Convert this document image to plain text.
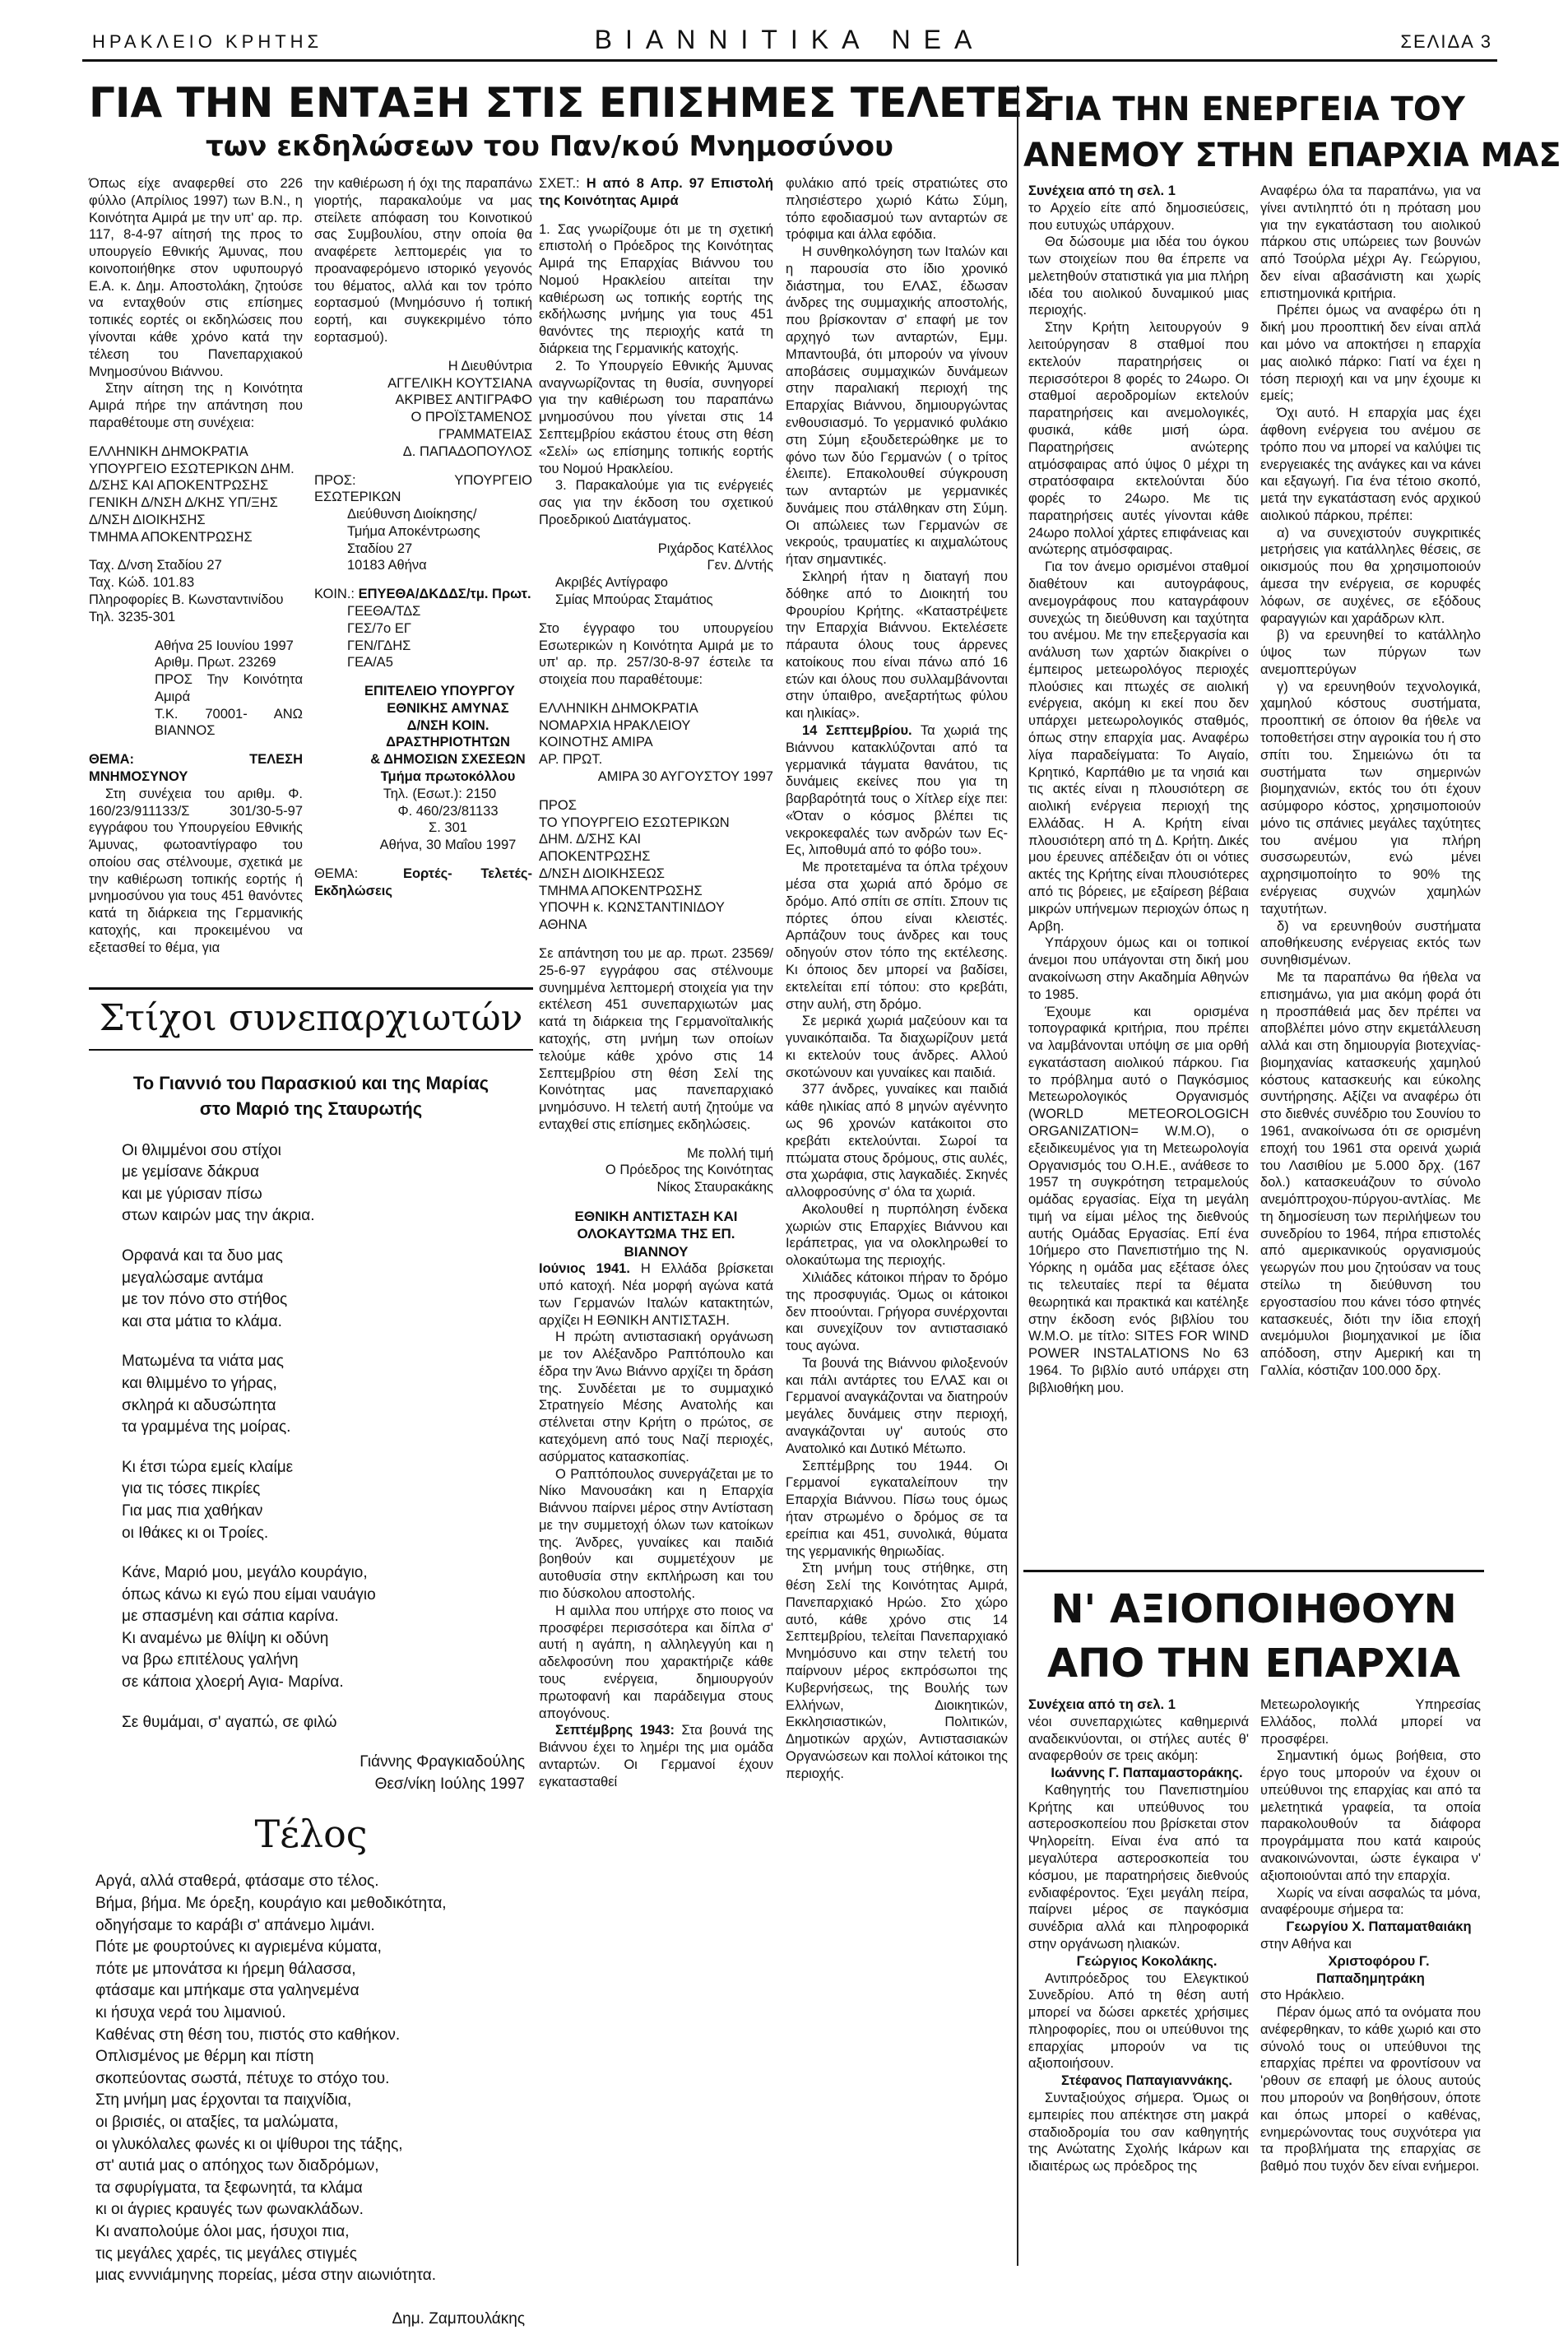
ΗΡΑΚΛΕΙΟ ΚΡΗΤΗΣ	ΒΙΑΝΝΙΤΙΚΑ ΝΕΑ	ΣΕΛΙΔΑ 3
ΓΙΑ ΤΗΝ ΕΝΤΑΞΗ ΣΤΙΣ ΕΠΙΣΗΜΕΣ ΤΕΛΕΤΕΣ
των εκδηλώσεων του Παν/κού Μνημοσύνου

Όπως είχε αναφερθεί στο 226 φύλλο (Απρίλιος 1997) των Β.Ν., η Κοινότητα Αμιρά με την υπ' αρ. πρ. 117, 8-4-97 αίτησή της προς το υπουργείο Εθνικής Άμυνας, που κοινοποιήθηκε στον υφυπουργό Ε.Α. κ. Δημ. Αποστολάκη, ζητούσε να ενταχθούν στις επίσημες τοπικές εορτές οι εκδηλώσεις που γίνονται κάθε χρόνο κατά την τέλεση του Πανεπαρχιακού Μνημοσύνου Βιάννου.

Στην αίτηση της η Κοινότητα Αμιρά πήρε την απάντηση που παραθέτουμε στη συνέχεια:

ΕΛΛΗΝΙΚΗ ΔΗΜΟΚΡΑΤΙΑ

ΥΠΟΥΡΓΕΙΟ ΕΣΩΤΕΡΙΚΩΝ ΔΗΜ.

Δ/ΣΗΣ ΚΑΙ ΑΠΟΚΕΝΤΡΩΣΗΣ

ΓΕΝΙΚΗ Δ/ΝΣΗ Δ/ΚΗΣ ΥΠ/ΞΗΣ

Δ/ΝΣΗ ΔΙΟΙΚΗΣΗΣ

ΤΜΗΜΑ ΑΠΟΚΕΝΤΡΩΣΗΣ

Ταχ. Δ/νση Σταδίου 27

Ταχ. Κώδ. 101.83

Πληροφορίες Β. Κωνσταντινίδου

Τηλ. 3235-301

Αθήνα 25 Ιουνίου 1997

Αριθμ. Πρωτ. 23269

ΠΡΟΣ Την Κοινότητα Αμιρά

Τ.Κ. 70001- ΑΝΩ ΒΙΑΝΝΟΣ

ΘΕΜΑ:	ΤΕΛΕΣΗ ΜΝΗΜΟΣΥΝΟΥ

Στη συνέχεια του αριθμ. Φ. 160/23/911133/Σ 301/30-5-97 εγγράφου του Υπουργείου Εθνικής Άμυνας, φωτοαντίγραφο του οποίου σας στέλνουμε, σχετικά με την καθιέρωση τοπικής εορτής ή μνημοσύνου για τους 451 θανόντες κατά τη διάρκεια της Γερμανικής κατοχής, και προκειμένου να εξετασθεί το θέμα, για

την καθιέρωση ή όχι της παραπάνω γιορτής, παρακαλούμε να μας στείλετε απόφαση του Κοινοτικού σας Συμβουλίου, στην οποία θα αναφέρετε λεπτομερέις για το προαναφερόμενο ιστορικό γεγονός του θέματος, αλλά και τον τρόπο εορτασμού (Μνημόσυνο ή τοπική εορτή, και συγκεκριμένο τόπο εορτασμού).

Η Διευθύντρια

ΑΓΓΕΛΙΚΗ ΚΟΥΤΣΙΑΝΑ

ΑΚΡΙΒΕΣ ΑΝΤΙΓΡΑΦΟ

Ο ΠΡΟΪΣΤΑΜΕΝΟΣ

ΓΡΑΜΜΑΤΕΙΑΣ

Δ. ΠΑΠΑΔΟΠΟΥΛΟΣ

ΠΡΟΣ:	ΥΠΟΥΡΓΕΙΟ ΕΣΩΤΕΡΙΚΩΝ

Διεύθυνση Διοίκησης/

Τμήμα Αποκέντρωσης

Σταδίου 27

10183 Αθήνα

ΚΟΙΝ.: ΕΠΥΕΘΑ/ΔΚΔΔΣ/τμ. Πρωτ.

ΓΕΕΘΑ/ΤΔΣ

ΓΕΣ/7ο ΕΓ

ΓΕΝ/ΓΔΗΣ

ΓΕΑ/Α5

ΕΠΙΤΕΛΕΙΟ ΥΠΟΥΡΓΟΥ

ΕΘΝΙΚΗΣ ΑΜΥΝΑΣ

Δ/ΝΣΗ ΚΟΙΝ.

ΔΡΑΣΤΗΡΙΟΤΗΤΩΝ

& ΔΗΜΟΣΙΩΝ ΣΧΕΣΕΩΝ

Τμήμα πρωτοκόλλου

Τηλ. (Εσωτ.): 2150

Φ. 460/23/81133

Σ. 301

Αθήνα, 30 Μαΐου 1997

ΘΕΜΑ:	Εορτές- Τελετές- Εκδηλώσεις

ΣΧΕΤ.: Η από 8 Απρ. 97 Επιστολή της Κοινότητας Αμιρά

1. Σας γνωρίζουμε ότι με τη σχετική επιστολή ο Πρόεδρος της Κοινότητας Αμιρά της Επαρχίας Βιάννου του Νομού Ηρακλείου αιτείται την καθιέρωση ως τοπικής εορτής της εκδήλωσης μνήμης για τους 451 θανόντες της περιοχής κατά τη διάρκεια της Γερμανικής κατοχής.

2. Το Υπουργείο Εθνικής Άμυνας αναγνωρίζοντας τη θυσία, συνηγορεί για την καθιέρωση του παραπάνω μνημοσύνου που γίνεται στις 14 Σεπτεμβρίου εκάστου έτους στη θέση «Σελί» ως επίσημης τοπικής εορτής του Νομού Ηρακλείου.

3. Παρακαλούμε για τις ενέργειές σας για την έκδοση του σχετικού Προεδρικού Διατάγματος.

Ριχάρδος Κατέλλος

Γεν. Δ/ντής

Ακριβές Αντίγραφο

Σμίας Μπούρας Σταμάτιος

Στο έγγραφο του υπουργείου Εσωτερικών η Κοινότητα Αμιρά με το υπ' αρ. πρ. 257/30-8-97 έστειλε τα στοιχεία που παραθέτουμε:

ΕΛΛΗΝΙΚΗ ΔΗΜΟΚΡΑΤΙΑ

ΝΟΜΑΡΧΙΑ ΗΡΑΚΛΕΙΟΥ

ΚΟΙΝΟΤΗΣ ΑΜΙΡΑ

ΑΡ. ΠΡΩΤ.

ΑΜΙΡΑ 30 ΑΥΓΟΥΣΤΟΥ 1997

ΠΡΟΣ

ΤΟ ΥΠΟΥΡΓΕΙΟ ΕΣΩΤΕΡΙΚΩΝ

ΔΗΜ. Δ/ΣΗΣ ΚΑΙ

ΑΠΟΚΕΝΤΡΩΣΗΣ

Δ/ΝΣΗ ΔΙΟΙΚΗΣΕΩΣ

ΤΜΗΜΑ ΑΠΟΚΕΝΤΡΩΣΗΣ

ΥΠΟΨΗ κ. ΚΩΝΣΤΑΝΤΙΝΙΔΟΥ

ΑΘΗΝΑ

Σε απάντηση του με αρ. πρωτ. 23569/ 25-6-97 εγγράφου σας στέλνουμε συνημμένα λεπτομερή στοιχεία για την εκτέλεση 451 συνεπαρχιωτών μας κατά τη διάρκεια της Γερμανοϊταλικής κατοχής, στη μνήμη των οποίων τελούμε κάθε χρόνο στις 14 Σεπτεμβρίου στη θέση Σελί της Κοινότητας μας πανεπαρχιακό μνημόσυνο. Η τελετή αυτή ζητούμε να ενταχθεί στις επίσημες εκδηλώσεις.

Με πολλή τιμή

Ο Πρόεδρος της Κοινότητας

Νίκος Σταυρακάκης

ΕΘΝΙΚΗ ΑΝΤΙΣΤΑΣΗ ΚΑΙ ΟΛΟΚΑΥΤΩΜΑ ΤΗΣ ΕΠ. ΒΙΑΝΝΟΥ

Ιούνιος 1941. Η Ελλάδα βρίσκεται υπό κατοχή. Νέα μορφή αγώνα κατά των Γερμανών Ιταλών κατακτητών, αρχίζει Η ΕΘΝΙΚΗ ΑΝΤΙΣΤΑΣΗ.

Η πρώτη αντιστασιακή οργάνωση με τον Αλέξανδρο Ραπτόπουλο και έδρα την Άνω Βιάννο αρχίζει τη δράση της. Συνδέεται με το συμμαχικό Στρατηγείο Μέσης Ανατολής και στέλνεται στην Κρήτη ο πρώτος, σε κατεχόμενη από τους Ναζί περιοχές, ασύρματος κατασκοπίας.

Ο Ραπτόπουλος συνεργάζεται με το Νίκο Μανουσάκη και η Επαρχία Βιάννου παίρνει μέρος στην Αντίσταση με την συμμετοχή όλων των κατοίκων της. Άνδρες, γυναίκες και παιδιά βοηθούν και συμμετέχουν με αυτοθυσία στην εκπλήρωση και του πιο δύσκολου αποστολής.

Η αμιλλα που υπήρχε στο ποιος να προσφέρει περισσότερα και δίπλα σ' αυτή η αγάπη, η αλληλεγγύη και η αδελφοσύνη που χαρακτήριζε κάθε τους ενέργεια, δημιουργούν πρωτοφανή και παράδειγμα στους απογόνους.

Σεπτέμβρης 1943: Στα βουνά της Βιάννου έχει το λημέρι της μια ομάδα ανταρτών. Οι Γερμανοί έχουν εγκατασταθεί

φυλάκιο από τρείς στρατιώτες στο πλησιέστερο χωριό Κάτω Σύμη, τόπο εφοδιασμού των ανταρτών σε τρόφιμα και άλλα εφόδια.

Η συνθηκολόγηση των Ιταλών και η παρουσία στο ίδιο χρονικό διάστημα, του ΕΛΑΣ, έδωσαν άνδρες της συμμαχικής αποστολής, που βρίσκονταν σ' επαφή με τον αρχηγό των ανταρτών, Εμμ. Μπαντουβά, ότι μπορούν να γίνουν αποβάσεις συμμαχικών δυνάμεων στην παραλιακή περιοχή της Επαρχίας Βιάννου, δημιουργώντας ενθουσιασμό. Το γερμανικό φυλάκιο στη Σύμη εξουδετερώθηκε με το φόνο των δύο Γερμανών ( ο τρίτος έλειπε). Επακολουθεί σύγκρουση των ανταρτών με γερμανικές δυνάμεις που στάλθηκαν στη Σύμη. Οι απώλειες των Γερμανών σε νεκρούς, τραυματίες κι αιχμαλώτους ήταν σημαντικές.

Σκληρή ήταν η διαταγή που δόθηκε από το Διοικητή του Φρουρίου Κρήτης. «Καταστρέψετε την Επαρχία Βιάννου. Εκτελέσετε πάραυτα όλους τους άρρενες κατοίκους που είναι πάνω από 16 ετών και όλους που συλλαμβάνονται στην ύπαιθρο, ανεξαρτήτως φύλου και ηλικίας».

14 Σεπτεμβρίου. Τα χωριά της Βιάννου κατακλύζονται από τα γερμανικά τάγματα θανάτου, τις δυνάμεις εκείνες που για τη βαρβαρότητά τους ο Χίτλερ είχε πει: «Όταν ο κόσμος βλέπει τις νεκροκεφαλές των ανδρών των Ες- Ες, λιποθυμά από το φόβο του».

Με προτεταμένα τα όπλα τρέχουν μέσα στα χωριά από δρόμο σε δρόμο. Από σπίτι σε σπίτι. Σπουν τις πόρτες όπου είναι κλειστές. Αρπάζουν τους άνδρες και τους οδηγούν στον τόπο της εκτέλεσης. Κι όποιος δεν μπορεί να βαδίσει, εκτελείται επί τόπου: στο κρεβάτι, στην αυλή, στη δρόμο.

Σε μερικά χωριά μαζεύουν και τα γυναικόπαιδα. Τα διαχωρίζουν μετά κι εκτελούν τους άνδρες. Αλλού σκοτώνουν και γυναίκες και παιδιά.

377 άνδρες, γυναίκες και παιδιά κάθε ηλικίας από 8 μηνών αγέννητο ως 96 χρονών κατάκοιτοι στο κρεβάτι εκτελούνται. Σωροί τα πτώματα στους δρόμους, στις αυλές, στα χωράφια, στις λαγκαδιές. Σκηνές αλλοφροσύνης σ' όλα τα χωριά.

Ακολουθεί η πυρπόληση ένδεκα χωριών στις Επαρχίες Βιάννου και Ιεράπετρας, για να ολοκληρωθεί το ολοκαύτωμα της περιοχής.

Χιλιάδες κάτοικοι πήραν το δρόμο της προσφυγιάς. Όμως οι κάτοικοι δεν πτοούνται. Γρήγορα συνέρχονται και συνεχίζουν τον αντιστασιακό τους αγώνα.

Τα βουνά της Βιάννου φιλοξενούν και πάλι αντάρτες του ΕΛΑΣ και οι Γερμανοί αναγκάζονται να διατηρούν μεγάλες δυνάμεις στην περιοχή, αναγκάζονται υγ' αυτούς στο Ανατολικό και Δυτικό Μέτωπο.

Σεπτέμβρης του 1944. Οι Γερμανοί εγκαταλείπουν την Επαρχία Βιάννου. Πίσω τους όμως ήταν στρωμένο ο δρόμος σε τα ερείπια και 451, συνολικά, θύματα της γερμανικής θηριωδίας.

Στη μνήμη τους στήθηκε, στη θέση Σελί της Κοινότητας Αμιρά, Πανεπαρχιακό Ηρώο. Στο χώρο αυτό, κάθε χρόνο στις 14 Σεπτεμβρίου, τελείται Πανεπαρχιακό Μνημόσυνο και στην τελετή του παίρνουν μέρος εκπρόσωποι της Κυβερνήσεως, της Βουλής των Ελλήνων, Διοικητικών, Εκκλησιαστικών, Πολιτικών, Δημοτικών αρχών, Αντιστασιακών Οργανώσεων και πολλοί κάτοικοι της περιοχής.

Στίχοι συνεπαρχιωτών

Το Γιαννιό του Παρασκιού και της Μαρίας στο Μαριό της Σταυρωτής

Οι θλιμμένοι σου στίχοι

με γεμίσανε δάκρυα

και με γύρισαν πίσω

στων καιρών μας την άκρια.

Ορφανά και τα δυο μας

μεγαλώσαμε αντάμα

με τον πόνο στο στήθος

και στα μάτια το κλάμα.

Ματωμένα τα νιάτα μας

και θλιμμένο το γήρας,

σκληρά κι αδυσώπητα

τα γραμμένα της μοίρας.

Κι έτσι τώρα εμείς κλαίμε

για τις τόσες πικρίες

Για μας πια χαθήκαν

οι Ιθάκες κι οι Τροίες.

Κάνε, Μαριό μου, μεγάλο κουράγιο,

όπως κάνω κι εγώ που είμαι ναυάγιο

με σπασμένη και σάπια καρίνα.

Κι αναμένω με θλίψη κι οδύνη

να βρω επιτέλους γαλήνη

σε κάποια χλοερή Αγια- Μαρίνα.

Σε θυμάμαι, σ' αγαπώ, σε φιλώ

Γιάννης Φραγκιαδούλης

Θεσ/νίκη Ιούλης 1997

Τέλος

Αργά, αλλά σταθερά, φτάσαμε στο τέλος.

Βήμα, βήμα. Με όρεξη, κουράγιο και μεθοδικότητα,

οδηγήσαμε το καράβι σ' απάνεμο λιμάνι.

Πότε με φουρτούνες κι αγριεμένα κύματα,

πότε με μπονάτσα κι ήρεμη θάλασσα,

φτάσαμε και μπήκαμε στα γαληνεμένα

κι ήσυχα νερά του λιμανιού.

Καθένας στη θέση του, πιστός στο καθήκον.

Οπλισμένος με θέρμη και πίστη

σκοπεύοντας σωστά, πέτυχε το στόχο του.

Στη μνήμη μας έρχονται τα παιχνίδια,

οι βρισιές, οι αταξίες, τα μαλώματα,

οι γλυκόλαλες φωνές κι οι ψίθυροι της τάξης,

στ' αυτιά μας ο απόηχος των διαδρόμων,

τα σφυρίγματα, τα ξεφωνητά, τα κλάμα

κι οι άγριες κραυγές των φωνακλάδων.

Κι αναπολούμε όλοι μας, ήσυχοι πια,

τις μεγάλες χαρές, τις μεγάλες στιγμές

μιας ενννιάμηνης πορείας, μέσα στην αιωνιότητα.

Δημ. Ζαμπουλάκης

ΓΙΑ ΤΗΝ ΕΝΕΡΓΕΙΑ ΤΟΥ
ΑΝΕΜΟΥ ΣΤΗΝ ΕΠΑΡΧΙΑ ΜΑΣ

Συνέχεια από τη σελ. 1

το Αρχείο είτε από δημοσιεύσεις, που ευτυχώς υπάρχουν.

Θα δώσουμε μια ιδέα του όγκου των στοιχείων που θα έπρεπε να μελετηθούν στατιστικά για μια πλήρη ιδέα του αιολικού δυναμικού μιας περιοχής.

Στην Κρήτη λειτουργούν 9 λειτούργησαν 8 σταθμοί που εκτελούν παρατηρήσεις οι περισσότεροι 8 φορές το 24ωρο. Οι σταθμοί αεροδρομίων εκτελούν παρατηρήσεις και ανεμολογικές, φυσικά, κάθε μισή ώρα. Παρατηρήσεις ανώτερης ατμόσφαιρας από ύψος 0 μέχρι τη στρατόσφαιρα εκτελούνται δύο φορές το 24ωρο. Με τις παρατηρήσεις αυτές γίνονται κάθε 24ωρο πολλοί χάρτες επιφάνειας και ανώτερης ατμόσφαιρας.

Για τον άνεμο ορισμένοι σταθμοί διαθέτουν και αυτογράφους, ανεμογράφους που καταγράφουν συνεχώς τη διεύθυνση και ταχύτητα του ανέμου. Με την επεξεργασία και ανάλυση των χαρτών διακρίνει ο έμπειρος μετεωρολόγος περιοχές πλούσιες και πτωχές σε αιολική ενέργεια, ακόμη κι εκεί που δεν υπάρχει μετεωρολογικός σταθμός, όπως στην επαρχία μας. Αναφέρω λίγα παραδείγματα: Το Αιγαίο, Κρητικό, Καρπάθιο με τα νησιά και τις ακτές είναι η πλουσιότερη σε αιολική ενέργεια περιοχή της Ελλάδας. Η Α. Κρήτη είναι πλουσιότερη από τη Δ. Κρήτη. Δικές μου έρευνες απέδειξαν ότι οι νότιες ακτές της Κρήτης είναι πλουσιότερες από τις βόρειες, με εξαίρεση βέβαια μικρών υπήνεμων περιοχών όπως η Αρβη.

Υπάρχουν όμως και οι τοπικοί άνεμοι που υπάγονται στη δική μου ανακοίνωση στην Ακαδημία Αθηνών το 1985.

Έχουμε και ορισμένα τοπογραφικά κριτήρια, που πρέπει να λαμβάνονται υπόψη σε μια ορθή εγκατάσταση αιολικού πάρκου. Για το πρόβλημα αυτό ο Παγκόσμιος Μετεωρολογικός Οργανισμός (WORLD METEOROLOGICH ORGANIZATION= W.M.O), ο εξειδικευμένος για τη Μετεωρολογία Οργανισμός του Ο.Η.Ε., ανάθεσε το 1957 τη συγκρότηση τετραμελούς ομάδας εργασίας. Είχα τη μεγάλη τιμή να είμαι μέλος της διεθνούς αυτής Ομάδας Εργασίας. Επί ένα 10ήμερο στο Πανεπιστήμιο της Ν. Υόρκης η ομάδα μας εξέτασε όλες τις τελευταίες περί τα θέματα θεωρητικά και πρακτικά και κατέληξε στην έκδοση ενός βιβλίου του W.M.O. με τίτλο: SITES FOR WIND POWER INSTALATIONS No 63 1964. Το βιβλίο αυτό υπάρχει στη βιβλιοθήκη μου.

Αναφέρω όλα τα παραπάνω, για να γίνει αντιληπτό ότι η πρόταση μου για την εγκατάσταση του αιολικού πάρκου στις υπώρειες των βουνών από Τσούρλα μέχρι Αγ. Γεώργιου, δεν είναι αβασάνιστη και χωρίς επιστημονικά κριτήρια.

Πρέπει όμως να αναφέρω ότι η δική μου προοπτική δεν είναι απλά και μόνο να αποκτήσει η επαρχία μας αιολικό πάρκο: Γιατί να έχει η τόση περιοχή και να μην έχουμε κι εμείς;

Όχι αυτό. Η επαρχία μας έχει άφθονη ενέργεια του ανέμου σε τρόπο που να μπορεί να καλύψει τις ενεργειακές της ανάγκες και να κάνει και εξαγωγή. Για ένα τέτοιο σκοπό, μετά την εγκατάσταση ενός αρχικού αιολικού πάρκου, πρέπει:

α) να συνεχιστούν συγκριτικές μετρήσεις για κατάλληλες θέσεις, σε οικισμούς που θα χρησιμοποιούν άμεσα την ενέργεια, σε κορυφές λόφων, σε αυχένες, σε εξόδους φαραγγιών και χαράδρων κλπ.

β) να ερευνηθεί το κατάλληλο ύψος των πύργων των ανεμοπτερύγων

γ) να ερευνηθούν τεχνολογικά, χαμηλού κόστους συστήματα, προοπτική σε όποιον θα ήθελε να τοποθετήσει στην αγροικία του ή στο σπίτι του. Σημειώνω ότι τα συστήματα των σημερινών βιομηχανιών, εκτός του ότι έχουν ασύμφορο κόστος, χρησιμοποιούν μόνο τις σπάνιες μεγάλες ταχύτητες του ανέμου για πλήρη συσσωρευτών, ενώ μένει αχρησιμοποίητο το 90% της ενέργειας συχνών χαμηλών ταχυτήτων.

δ) να ερευνηθούν συστήματα αποθήκευσης ενέργειας εκτός των συνηθισμένων.

Με τα παραπάνω θα ήθελα να επισημάνω, για μια ακόμη φορά ότι η προσπάθειά μας δεν πρέπει να αποβλέπει μόνο στην εκμετάλλευση αλλά και στη δημιουργία βιοτεχνίας- βιομηχανίας κατασκευής χαμηλού κόστους κατασκευής και εύκολης συντήρησης. Αξίζει να αναφέρω ότι στο διεθνές συνέδριο του Σουνίου το 1961, ανακοίνωσα ότι σε ορισμένη εποχή του 1961 στα ορεινά χωριά του Λασιθίου με 5.000 δρχ. (167 δολ.) κατασκευάζουν το σύνολο ανεμόπτροχου-πύργου-αντλίας. Με τη δημοσίευση των περιλήψεων του συνεδρίου το 1964, πήρα επιστολές από αμερικανικούς οργανισμούς γεωργών που μου ζητούσαν να τους στείλω τη διεύθυνση του εργοστασίου που κάνει τόσο φτηνές κατασκευές, διότι την ίδια εποχή ανεμόμυλοι βιομηχανικοί με ίδια απόδοση, στην Αμερική και τη Γαλλία, κόστιζαν 100.000 δρχ.

Ν' ΑΞΙΟΠΟΙΗΘΟΥΝ
ΑΠΟ ΤΗΝ ΕΠΑΡΧΙΑ

Συνέχεια από τη σελ. 1

νέοι συνεπαρχιώτες καθημερινά αναδεικνύονται, οι στήλες αυτές θ' αναφερθούν σε τρεις ακόμη:

Ιωάννης Γ. Παπαμαστοράκης.

Καθηγητής του Πανεπιστημίου Κρήτης και υπεύθυνος του αστεροσκοπείου που βρίσκεται στον Ψηλορείτη. Είναι ένα από τα μεγαλύτερα αστεροσκοπεία του κόσμου, με παρατηρήσεις διεθνούς ενδιαφέροντος. Έχει μεγάλη πείρα, παίρνει μέρος σε παγκόσμια συνέδρια αλλά και πληροφορικά στην οργάνωση ηλιακών.

Γεώργιος Κοκολάκης.

Αντιπρόεδρος του Ελεγκτικού Συνεδρίου. Από τη θέση αυτή μπορεί να δώσει αρκετές χρήσιμες πληροφορίες, που οι υπεύθυνοι της επαρχίας μπορούν να τις αξιοποιήσουν.

Στέφανος Παπαγιαννάκης.

Συνταξιούχος σήμερα. Όμως οι εμπειρίες που απέκτησε στη μακρά σταδιοδρομία του σαν καθηγητής της Ανώτατης Σχολής Ικάρων και ιδιαιτέρως ως πρόεδρος της

Μετεωρολογικής Υπηρεσίας Ελλάδος, πολλά μπορεί να προσφέρει.

Σημαντική όμως βοήθεια, στο έργο τους μπορούν να έχουν οι υπεύθυνοι της επαρχίας και από τα μελετητικά γραφεία, τα οποία παρακολουθούν τα διάφορα προγράμματα που κατά καιρούς ανακοινώνονται, ώστε έγκαιρα ν' αξιοποιούνται από την επαρχία.

Χωρίς να είναι ασφαλώς τα μόνα, αναφέρουμε σήμερα τα:

Γεωργίου Χ. Παπαματθαιάκη

στην Αθήνα και

Χριστοφόρου Γ. Παπαδημητράκη

στο Ηράκλειο.

Πέραν όμως από τα ονόματα που ανέφερθηκαν, το κάθε χωριό και στο σύνολό τους οι υπεύθυνοι της επαρχίας πρέπει να φροντίσουν να 'ρθουν σε επαφή με όλους αυτούς που μπορούν να βοηθήσουν, όποτε και όπως μπορεί ο καθένας, ενημερώνοντας τους συχνότερα για τα προβλήματα της επαρχίας σε βαθμό που τυχόν δεν είναι ενήμεροι.
